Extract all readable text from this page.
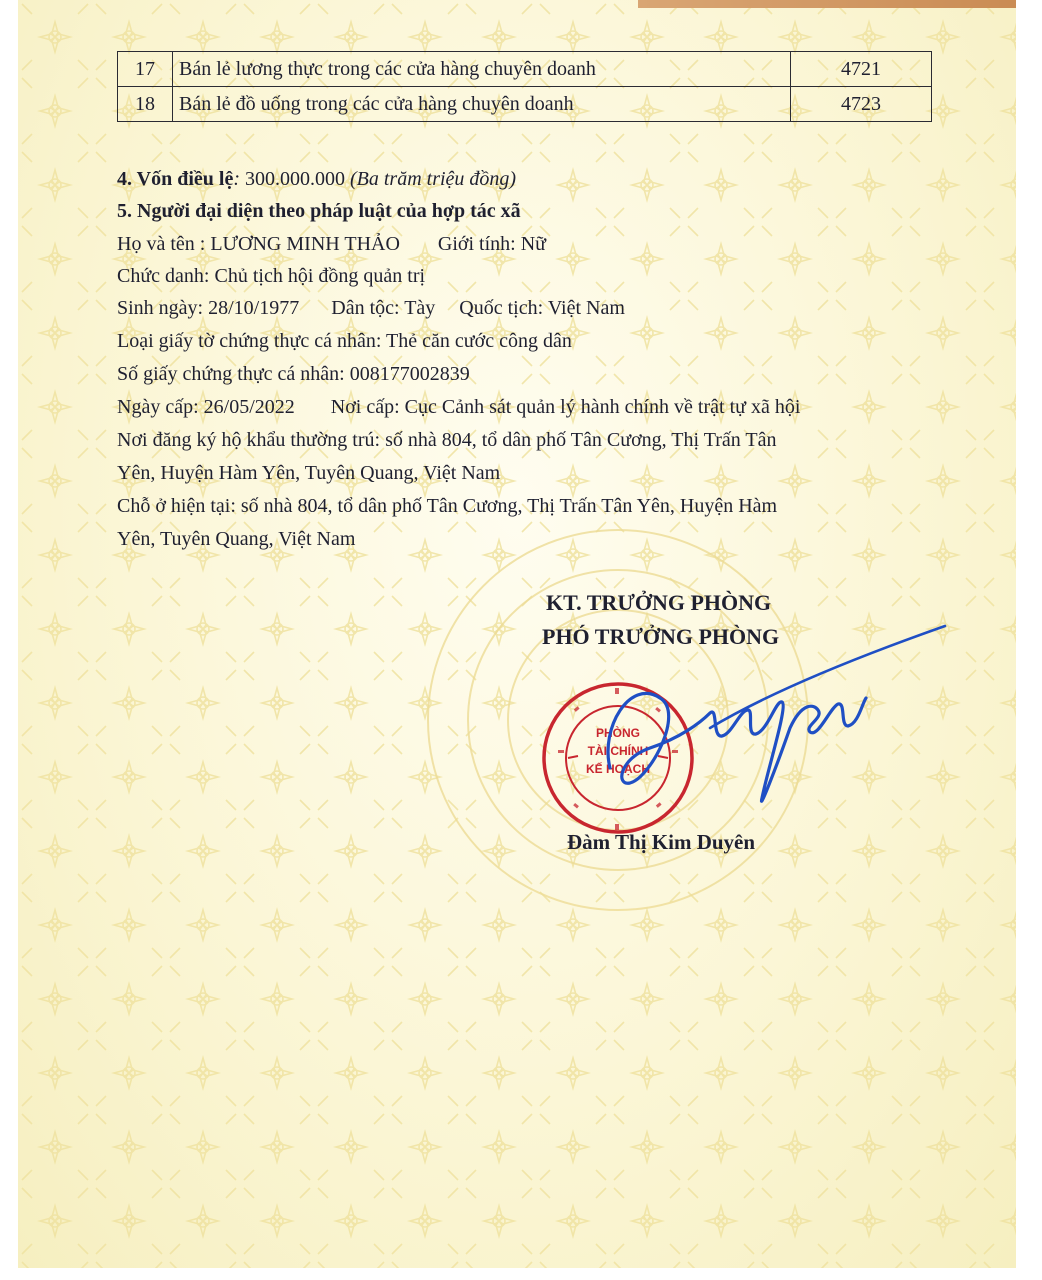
17	Bán lẻ lương thực trong các cửa hàng chuyên doanh	4721
18	Bán lẻ đồ uống trong các cửa hàng chuyên doanh	4723
4. Vốn điều lệ: 300.000.000 (Ba trăm triệu đồng)
5. Người đại diện theo pháp luật của hợp tác xã
Họ và tên : LƯƠNG MINH THẢO Giới tính: Nữ
Chức danh: Chủ tịch hội đồng quản trị
Sinh ngày: 28/10/1977 Dân tộc: Tày Quốc tịch: Việt Nam
Loại giấy tờ chứng thực cá nhân: Thẻ căn cước công dân
Số giấy chứng thực cá nhân: 008177002839
Ngày cấp: 26/05/2022 Nơi cấp: Cục Cảnh sát quản lý hành chính về trật tự xã hội
Nơi đăng ký hộ khẩu thường trú: số nhà 804, tổ dân phố Tân Cương, Thị Trấn Tân
Yên, Huyện Hàm Yên, Tuyên Quang, Việt Nam
Chỗ ở hiện tại: số nhà 804, tổ dân phố Tân Cương, Thị Trấn Tân Yên, Huyện Hàm
Yên, Tuyên Quang, Việt Nam
KT. TRƯỞNG PHÒNG
PHÓ TRƯỞNG PHÒNG
PHÒNG
TÀI CHÍNH
KẾ HOẠCH
Đàm Thị Kim Duyên
